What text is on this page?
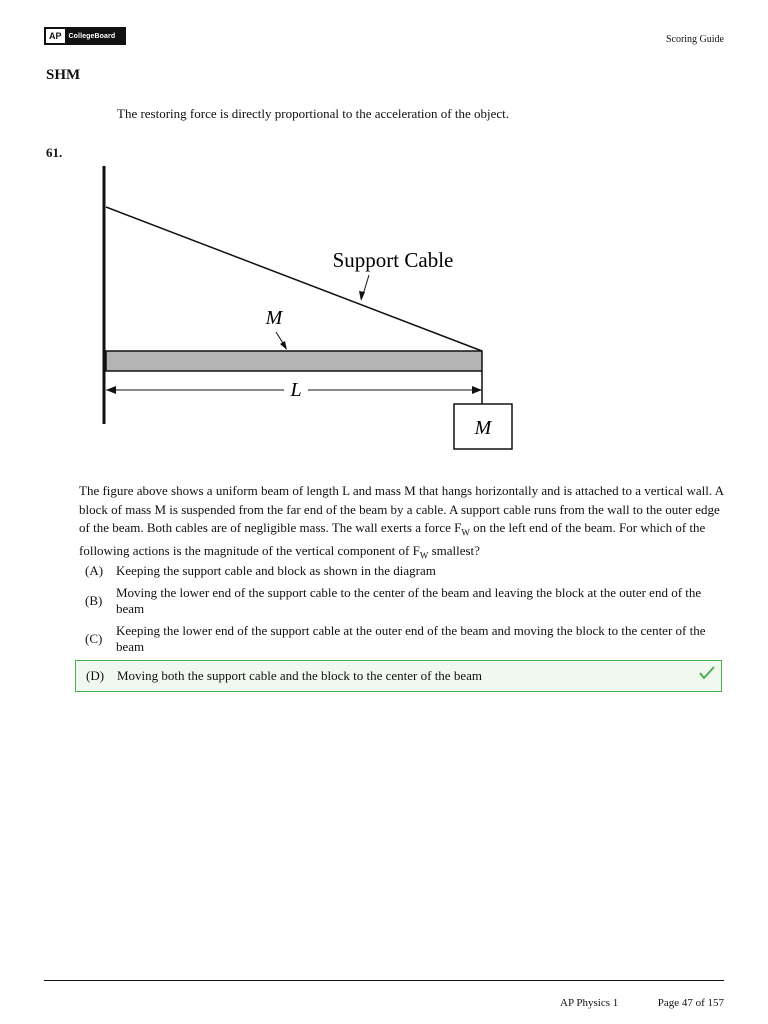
AP	CollegeBoard	Scoring Guide
SHM
The restoring force is directly proportional to the acceleration of the object.
61.
M
L
M
Support Cable
The figure above shows a uniform beam of length L and mass M that hangs horizontally and is attached to a vertical wall. A block of mass M is suspended from the far end of the beam by a cable. A support cable runs from the wall to the outer edge of the beam. Both cables are of negligible mass. The wall exerts a force $F_W$ on the left end of the beam. For which of the following actions is the magnitude of the vertical component of $F_W$ smallest?
(A) Keeping the support cable and block as shown in the diagram
(B)
Moving the lower end of the support cable to the center of the beam and leaving the block at the outer end of the beam
(C)
Keeping the lower end of the support cable at the outer end of the beam and moving the block to the center of the beam
(D) Moving both the support cable and the block to the center of the beam
AP Physics 1	Page 47 of 157
